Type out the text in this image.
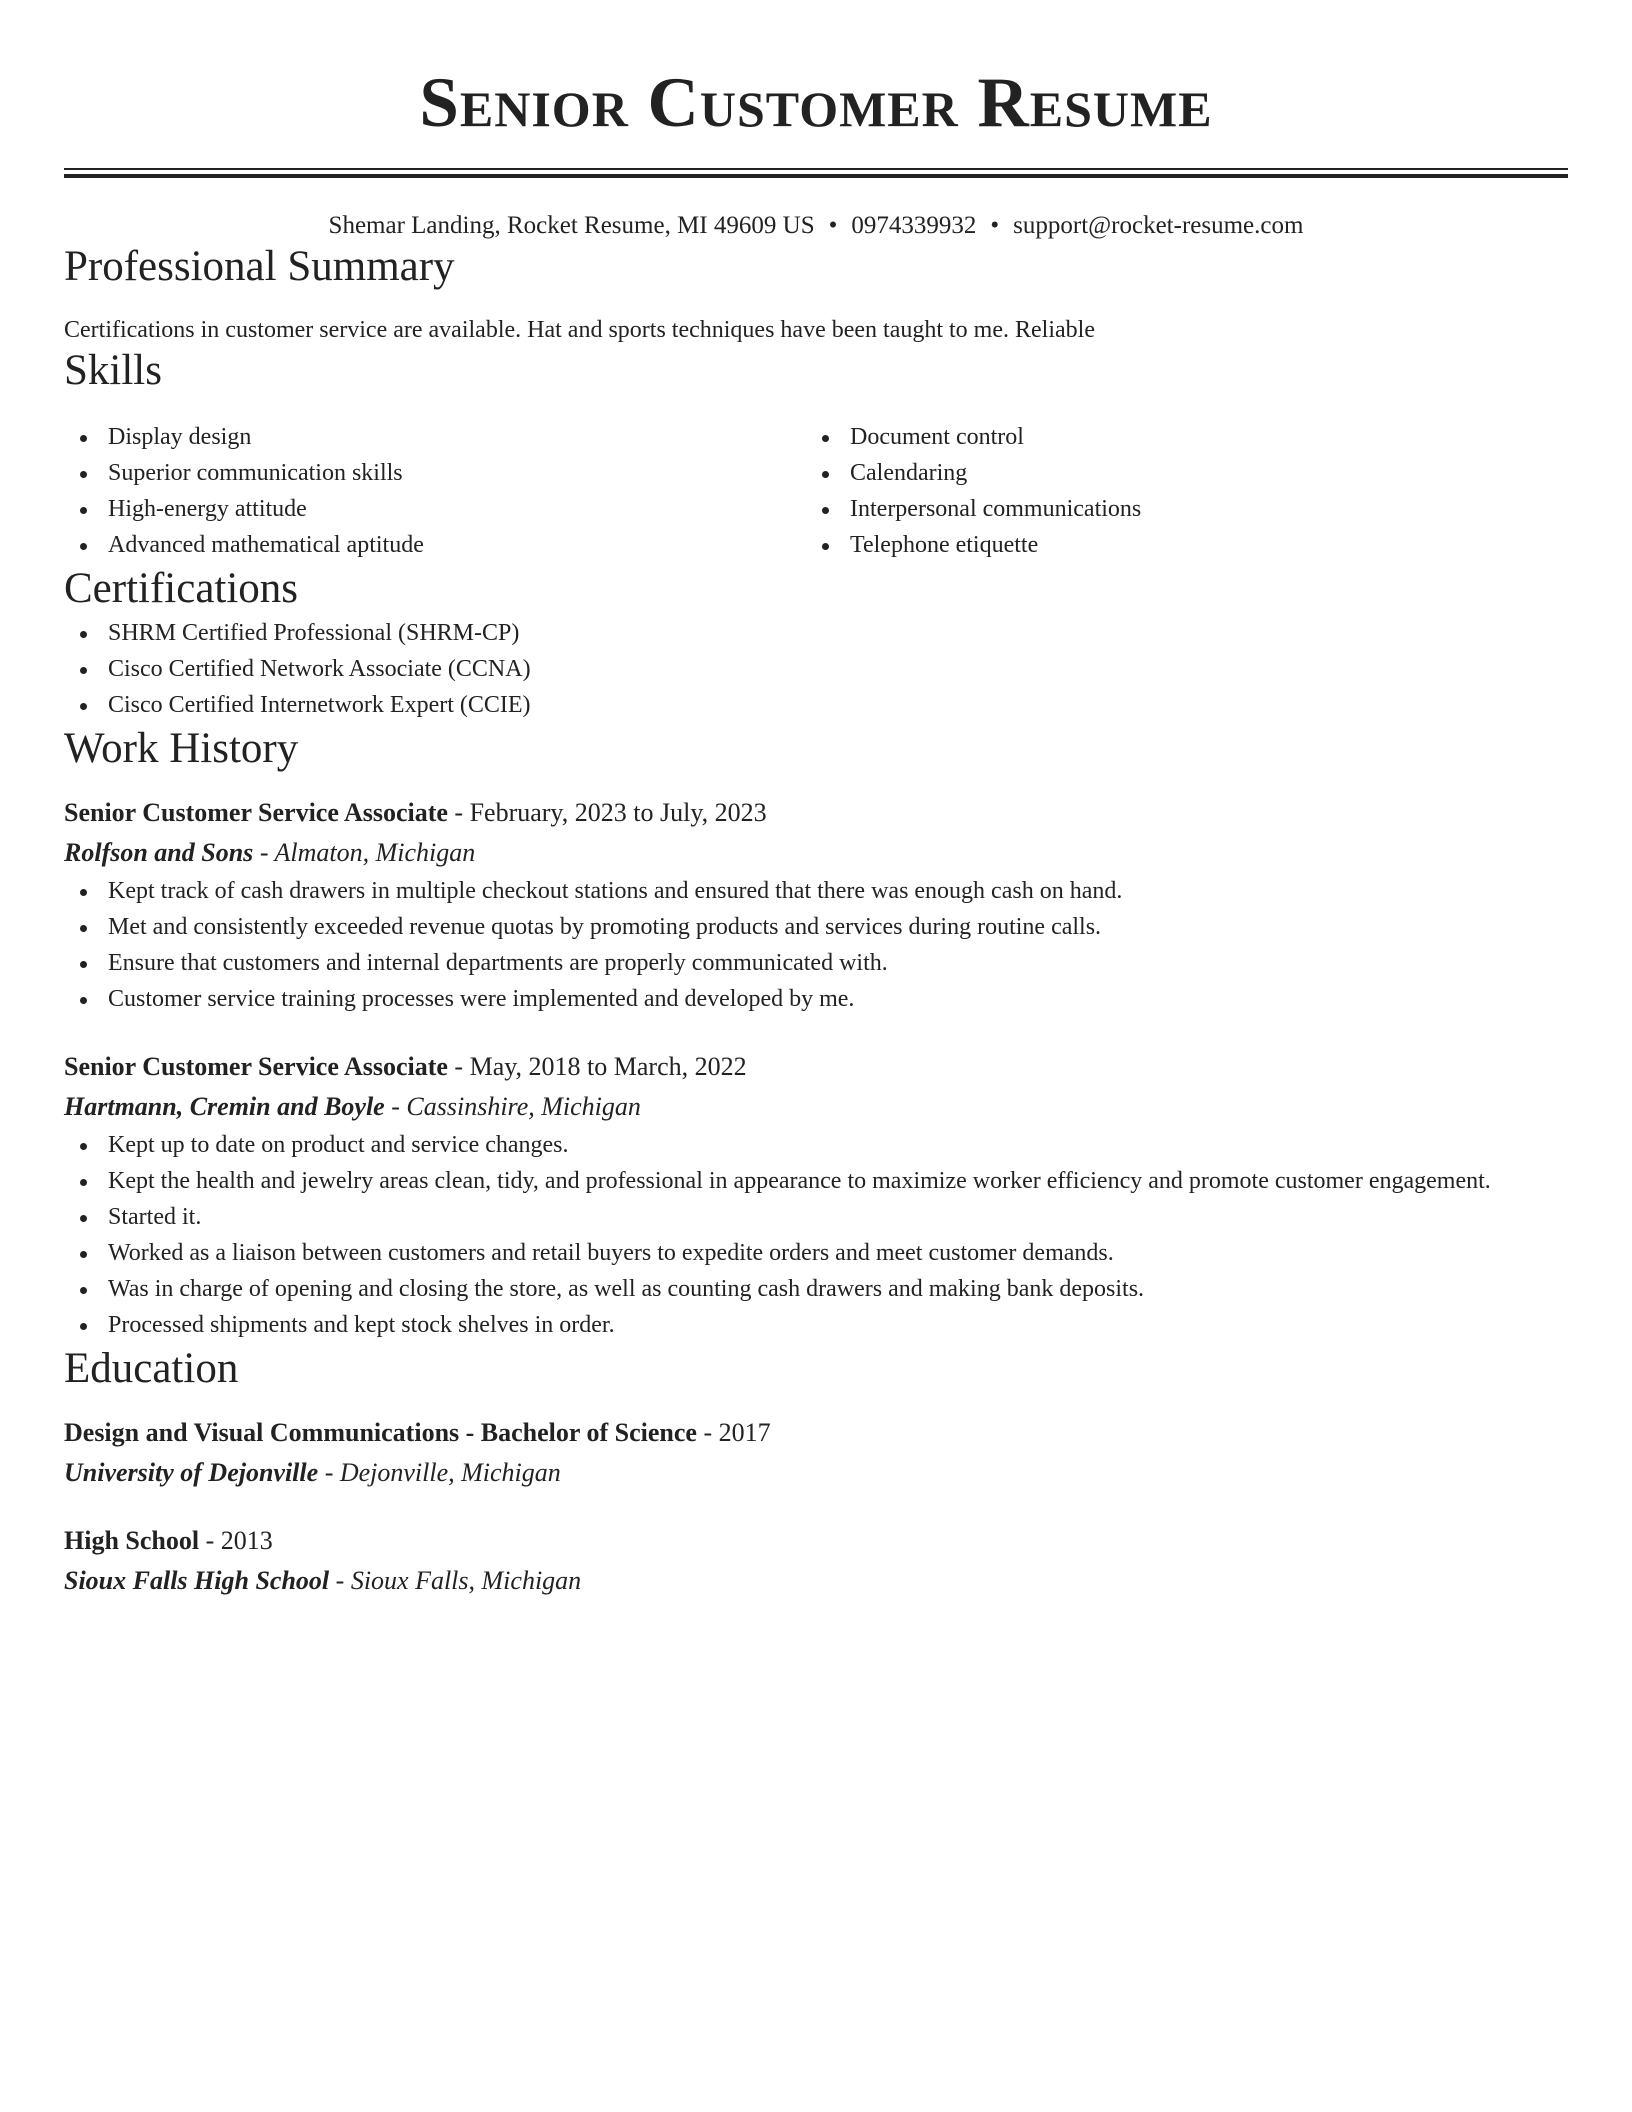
Senior Customer Resume
Shemar Landing, Rocket Resume, MI 49609 US • 0974339932 • support@rocket-resume.com
Professional Summary
Certifications in customer service are available. Hat and sports techniques have been taught to me. Reliable
Skills
Display design
Superior communication skills
High-energy attitude
Advanced mathematical aptitude
Document control
Calendaring
Interpersonal communications
Telephone etiquette
Certifications
SHRM Certified Professional (SHRM-CP)
Cisco Certified Network Associate (CCNA)
Cisco Certified Internetwork Expert (CCIE)
Work History
Senior Customer Service Associate - February, 2023 to July, 2023
Rolfson and Sons - Almaton, Michigan
Kept track of cash drawers in multiple checkout stations and ensured that there was enough cash on hand.
Met and consistently exceeded revenue quotas by promoting products and services during routine calls.
Ensure that customers and internal departments are properly communicated with.
Customer service training processes were implemented and developed by me.
Senior Customer Service Associate - May, 2018 to March, 2022
Hartmann, Cremin and Boyle - Cassinshire, Michigan
Kept up to date on product and service changes.
Kept the health and jewelry areas clean, tidy, and professional in appearance to maximize worker efficiency and promote customer engagement.
Started it.
Worked as a liaison between customers and retail buyers to expedite orders and meet customer demands.
Was in charge of opening and closing the store, as well as counting cash drawers and making bank deposits.
Processed shipments and kept stock shelves in order.
Education
Design and Visual Communications - Bachelor of Science - 2017
University of Dejonville - Dejonville, Michigan
High School - 2013
Sioux Falls High School - Sioux Falls, Michigan
